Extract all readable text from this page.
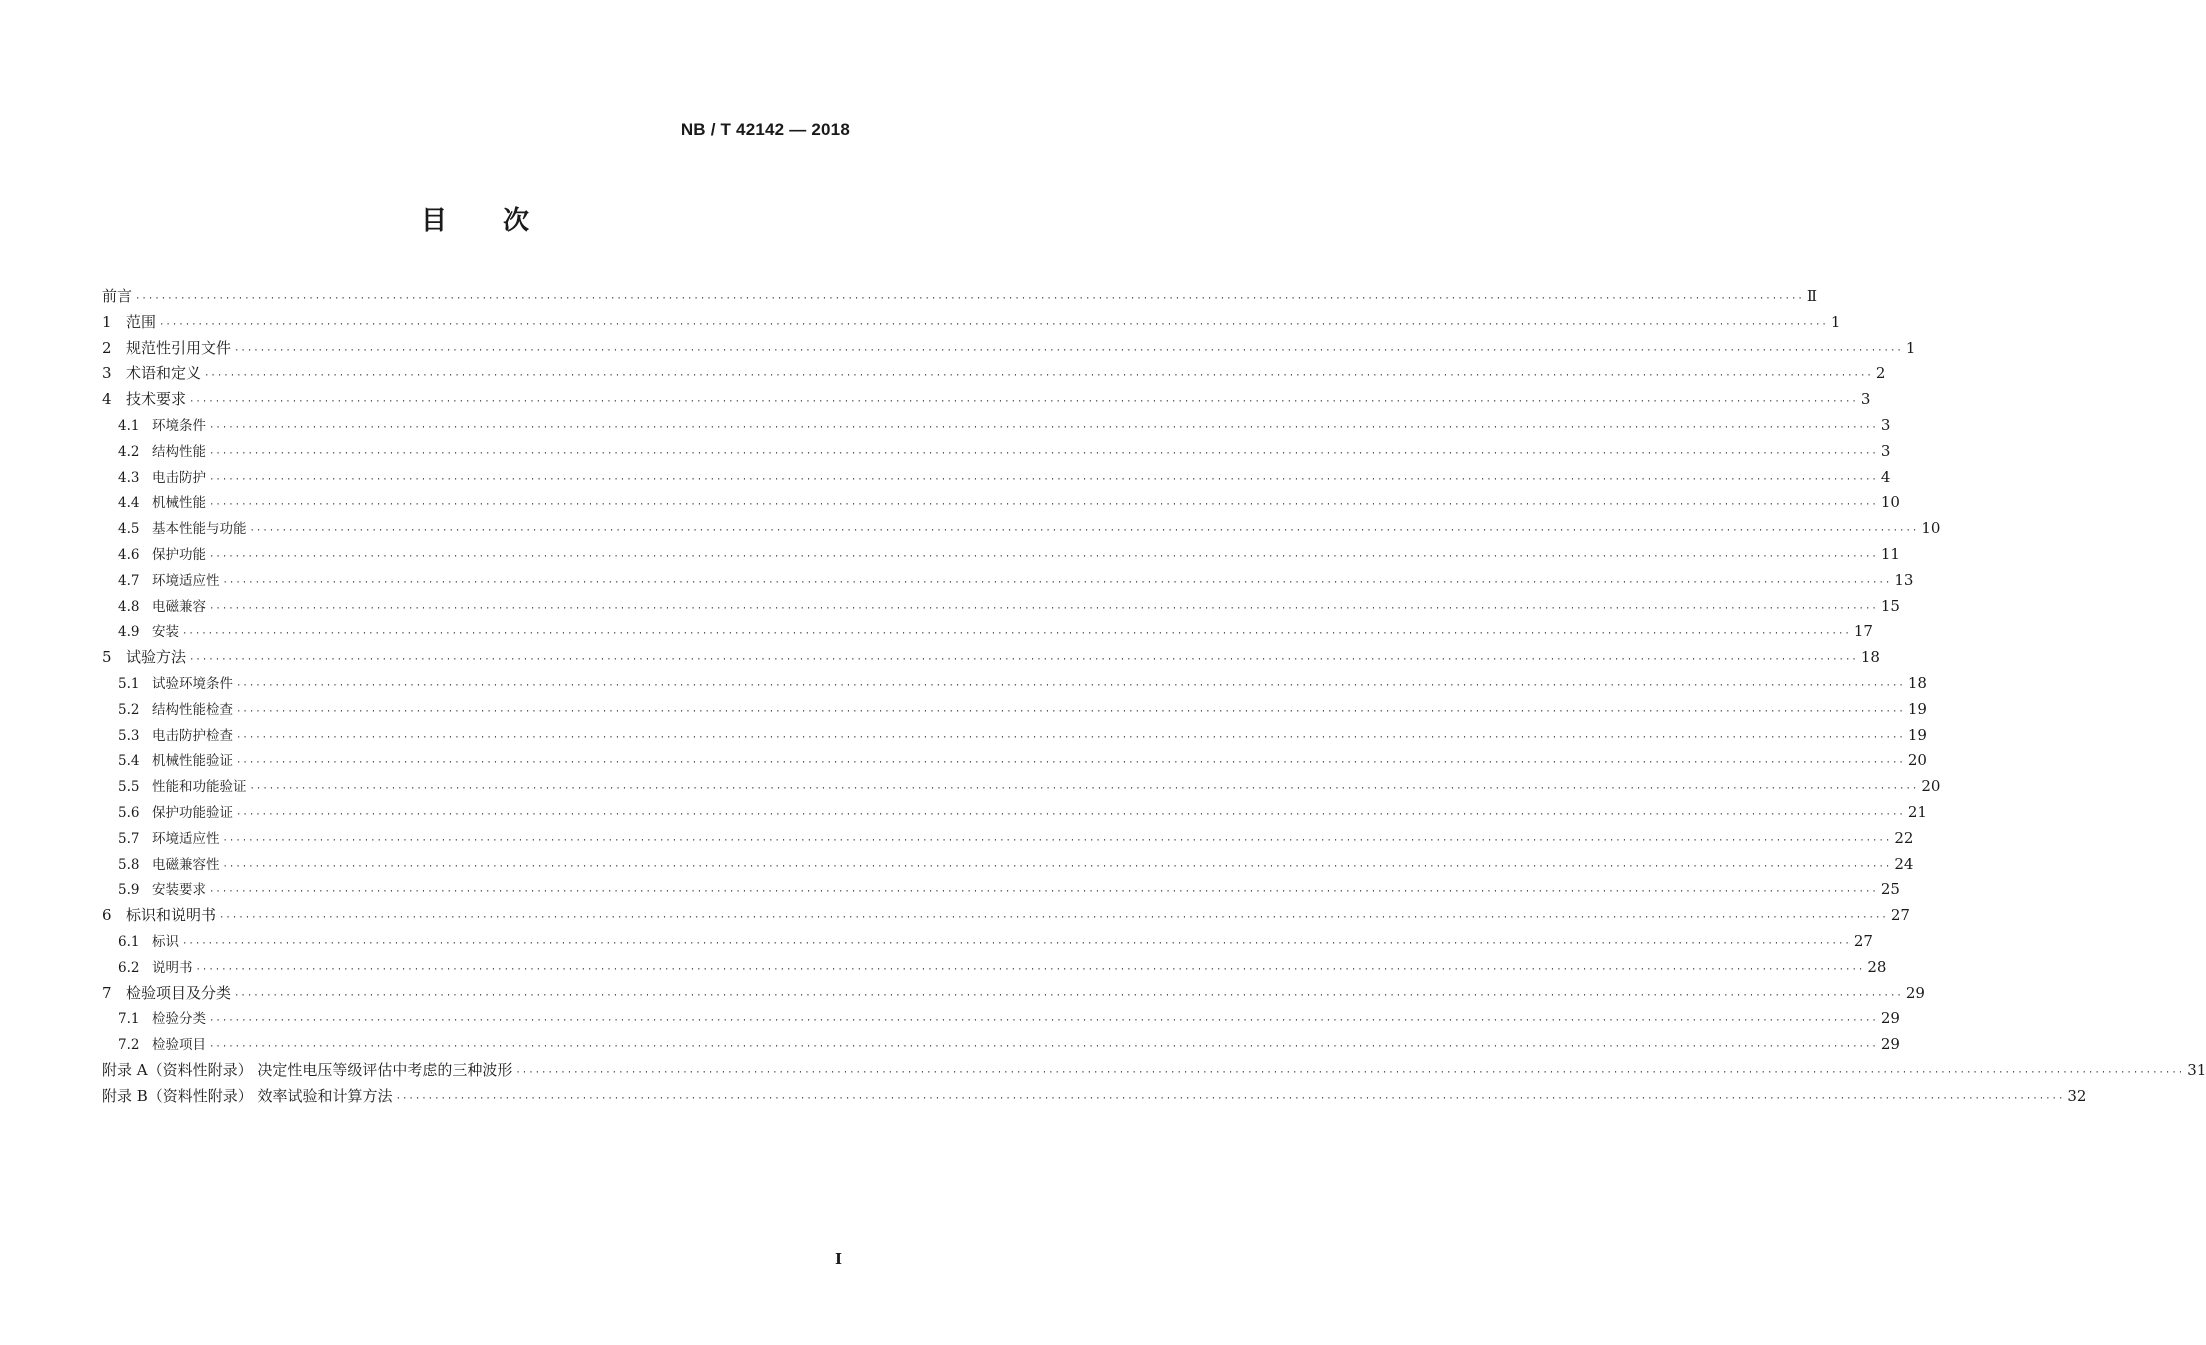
NB / T 42142 — 2018
目 次
前言 ···································································································································································································································································· Ⅱ
1 范围 ···································································································································································································································································· 1
2 规范性引用文件 ···································································································································································································································································· 1
3 术语和定义 ···································································································································································································································································· 2
4 技术要求 ···································································································································································································································································· 3
4.1 环境条件 ···································································································································································································································································· 3
4.2 结构性能 ···································································································································································································································································· 3
4.3 电击防护 ···································································································································································································································································· 4
4.4 机械性能 ···································································································································································································································································· 10
4.5 基本性能与功能 ···································································································································································································································································· 10
4.6 保护功能 ···································································································································································································································································· 11
4.7 环境适应性 ···································································································································································································································································· 13
4.8 电磁兼容 ···································································································································································································································································· 15
4.9 安装 ···································································································································································································································································· 17
5 试验方法 ···································································································································································································································································· 18
5.1 试验环境条件 ···································································································································································································································································· 18
5.2 结构性能检查 ···································································································································································································································································· 19
5.3 电击防护检查 ···································································································································································································································································· 19
5.4 机械性能验证 ···································································································································································································································································· 20
5.5 性能和功能验证 ···································································································································································································································································· 20
5.6 保护功能验证 ···································································································································································································································································· 21
5.7 环境适应性 ···································································································································································································································································· 22
5.8 电磁兼容性 ···································································································································································································································································· 24
5.9 安装要求 ···································································································································································································································································· 25
6 标识和说明书 ···································································································································································································································································· 27
6.1 标识 ···································································································································································································································································· 27
6.2 说明书 ···································································································································································································································································· 28
7 检验项目及分类 ···································································································································································································································································· 29
7.1 检验分类 ···································································································································································································································································· 29
7.2 检验项目 ···································································································································································································································································· 29
附录 A（资料性附录） 决定性电压等级评估中考虑的三种波形 ···································································································································································································································································· 31
附录 B（资料性附录） 效率试验和计算方法 ···································································································································································································································································· 32
I
